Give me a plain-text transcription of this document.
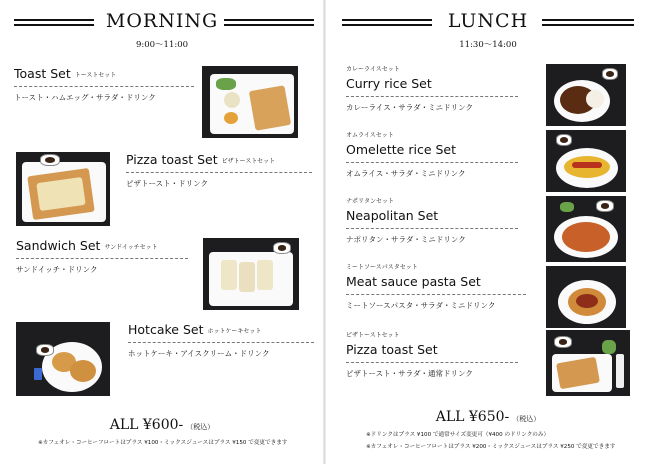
MORNING
9:00〜11:00
Toast Set トーストセット
トースト・ハムエッグ・サラダ・ドリンク
Pizza toast Set ピザトーストセット
ピザトースト・ドリンク
Sandwich Set サンドイッチセット
サンドイッチ・ドリンク
Hotcake Set ホットケーキセット
ホットケーキ・アイスクリーム・ドリンク
ALL ¥600- （税込）
※カフェオレ・コーヒーフロートはプラス ¥100・ミックスジュースはプラス ¥150 で変更できます
LUNCH
11:30〜14:00
カレーライスセット
Curry rice Set
カレーライス・サラダ・ミニドリンク
オムライスセット
Omelette rice Set
オムライス・サラダ・ミニドリンク
ナポリタンセット
Neapolitan Set
ナポリタン・サラダ・ミニドリンク
ミートソースパスタセット
Meat sauce pasta Set
ミートソースパスタ・サラダ・ミニドリンク
ピザトーストセット
Pizza toast Set
ピザトースト・サラダ・通常ドリンク
ALL ¥650- （税込）
※ドリンクはプラス ¥100 で通常サイズ変更可（¥400 のドリンクのみ）
※カフェオレ・コーヒーフロートはプラス ¥200・ミックスジュースはプラス ¥250 で変更できます
